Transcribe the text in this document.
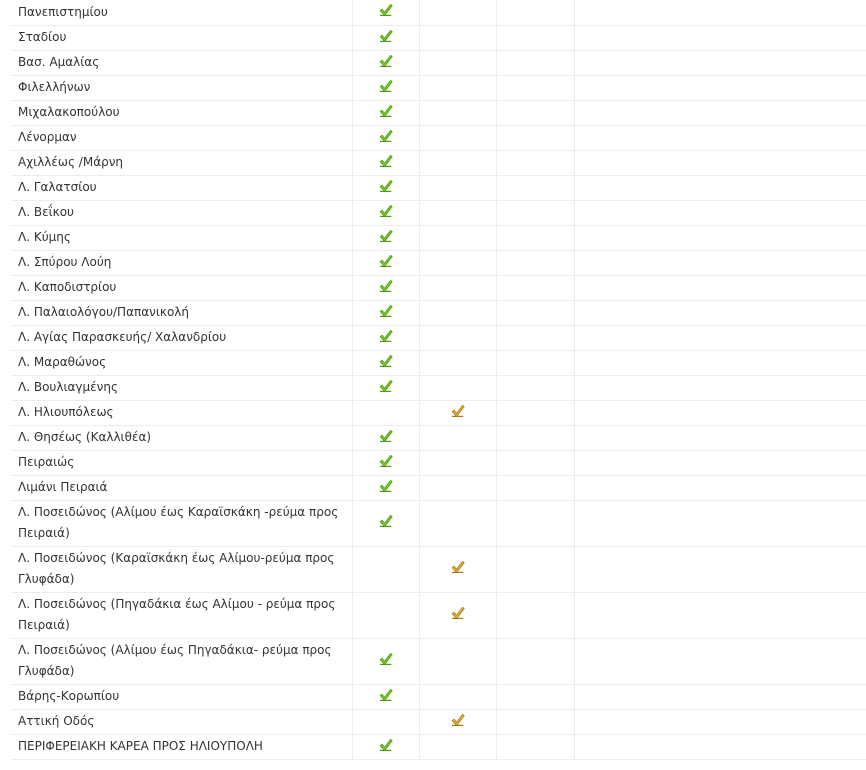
Πανεπιστημίου	

Σταδίου	

Βασ. Αμαλίας	

Φιλελλήνων	

Μιχαλακοπούλου	

Λένορμαν	

Αχιλλέως /Μάρνη	

Λ. Γαλατσίου	

Λ. Βεΐκου	

Λ. Κύμης	

Λ. Σπύρου Λούη	

Λ. Καποδιστρίου	

Λ. Παλαιολόγου/Παπανικολή	

Λ. Αγίας Παρασκευής/ Χαλανδρίου	

Λ. Μαραθώνος	

Λ. Βουλιαγμένης	

Λ. Ηλιουπόλεως		

Λ. Θησέως (Καλλιθέα)	

Πειραιώς	

Λιμάνι Πειραιά	

Λ. Ποσειδώνος (Αλίμου έως Καραϊσκάκη -ρεύμα προς Πειραιά)	

Λ. Ποσειδώνος (Καραϊσκάκη έως Αλίμου-ρεύμα προς Γλυφάδα)		

Λ. Ποσειδώνος (Πηγαδάκια έως Αλίμου - ρεύμα προς Πειραιά)		

Λ. Ποσειδώνος (Αλίμου έως Πηγαδάκια- ρεύμα προς Γλυφάδα)	

Βάρης-Κορωπίου	

Αττική Οδός		

ΠΕΡΙΦΕΡΕΙΑΚΗ ΚΑΡΕΑ ΠΡΟΣ ΗΛΙΟΥΠΟΛΗ	
